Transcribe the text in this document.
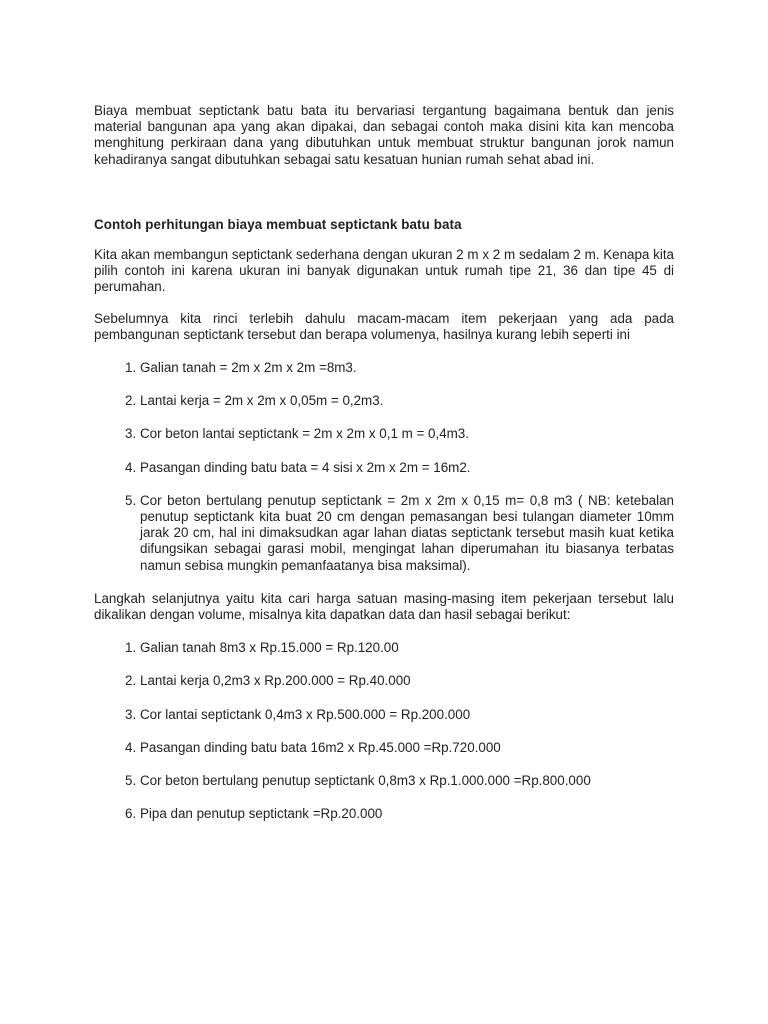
Biaya membuat septictank batu bata itu bervariasi tergantung bagaimana bentuk dan jenis material bangunan apa yang akan dipakai, dan sebagai contoh maka disini kita kan mencoba menghitung perkiraan dana yang dibutuhkan untuk membuat struktur bangunan jorok namun kehadiranya sangat dibutuhkan sebagai satu kesatuan hunian rumah sehat abad ini.

Contoh perhitungan biaya membuat septictank batu bata

Kita akan membangun septictank sederhana dengan ukuran 2 m x 2 m sedalam 2 m. Kenapa kita pilih contoh ini karena ukuran ini banyak digunakan untuk rumah tipe 21, 36 dan tipe 45 di perumahan.

Sebelumnya kita rinci terlebih dahulu macam-macam item pekerjaan yang ada pada pembangunan septictank tersebut dan berapa volumenya, hasilnya kurang lebih seperti ini

1. Galian tanah = 2m x 2m x 2m =8m3.
2. Lantai kerja = 2m x 2m x 0,05m = 0,2m3.
3. Cor beton lantai septictank = 2m x 2m x 0,1 m = 0,4m3.
4. Pasangan dinding batu bata = 4 sisi x 2m x 2m = 16m2.
5. Cor beton bertulang penutup septictank = 2m x 2m x 0,15 m= 0,8 m3 ( NB: ketebalan penutup septictank kita buat 20 cm dengan pemasangan besi tulangan diameter 10mm jarak 20 cm, hal ini dimaksudkan agar lahan diatas septictank tersebut masih kuat ketika difungsikan sebagai garasi mobil, mengingat lahan diperumahan itu biasanya terbatas namun sebisa mungkin pemanfaatanya bisa maksimal).

Langkah selanjutnya yaitu kita cari harga satuan masing-masing item pekerjaan tersebut lalu dikalikan dengan volume, misalnya kita dapatkan data dan hasil sebagai berikut:

1. Galian tanah 8m3 x Rp.15.000 = Rp.120.00
2. Lantai kerja 0,2m3 x Rp.200.000 = Rp.40.000
3. Cor lantai septictank 0,4m3 x Rp.500.000 = Rp.200.000
4. Pasangan dinding batu bata 16m2 x Rp.45.000 =Rp.720.000
5. Cor beton bertulang penutup septictank 0,8m3 x Rp.1.000.000 =Rp.800.000
6. Pipa dan penutup septictank =Rp.20.000
